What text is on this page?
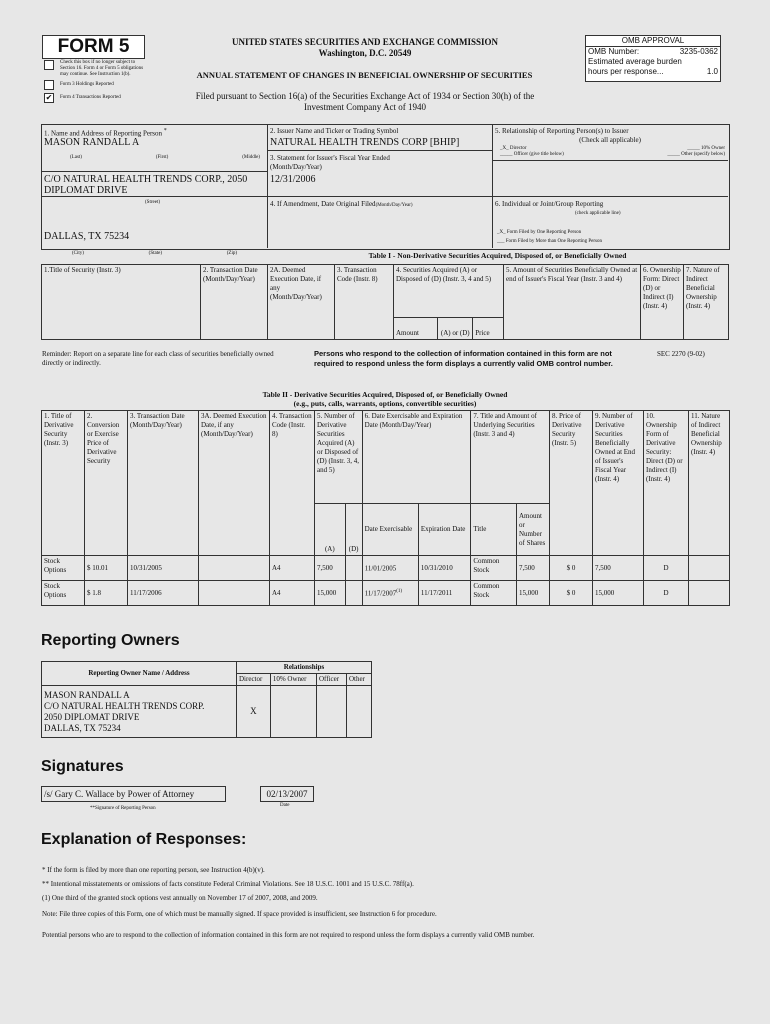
FORM 5
Check this box if no longer subject to Section 16. Form 4 or Form 5 obligations may continue. See Instruction 1(b).
Form 3 Holdings Reported
✔	Form 4 Transactions Reported
UNITED STATES SECURITIES AND EXCHANGE COMMISSION
Washington, D.C. 20549
ANNUAL STATEMENT OF CHANGES IN BENEFICIAL OWNERSHIP OF SECURITIES
Filed pursuant to Section 16(a) of the Securities Exchange Act of 1934 or Section 30(h) of the
Investment Company Act of 1940
OMB APPROVAL
OMB Number:	3235-0362
Estimated average burden
hours per response...	1.0
1. Name and Address of Reporting Person *
MASON RANDALL A
(Last)	(First)	(Middle)
C/O NATURAL HEALTH TRENDS CORP., 2050
DIPLOMAT DRIVE
(Street)
DALLAS, TX 75234
(City)	(State)	(Zip)
2. Issuer Name and Ticker or Trading Symbol
NATURAL HEALTH TRENDS CORP [BHIP]
3. Statement for Issuer's Fiscal Year Ended
(Month/Day/Year)
12/31/2006
4. If Amendment, Date Original Filed(Month/Day/Year)
5. Relationship of Reporting Person(s) to Issuer
(Check all applicable)
_X_ Director	_____ 10% Owner
_____ Officer (give title below)	_____ Other (specify below)
6. Individual or Joint/Group Reporting
(check applicable line)
_X_ Form Filed by One Reporting Person
___ Form Filed by More than One Reporting Person
Table I - Non-Derivative Securities Acquired, Disposed of, or Beneficially Owned
1.Title of Security (Instr. 3)	2. Transaction Date (Month/Day/Year)	2A. Deemed Execution Date, if any (Month/Day/Year)	3. Transaction Code (Instr. 8)	4. Securities Acquired (A) or Disposed of (D) (Instr. 3, 4 and 5)			5. Amount of Securities Beneficially Owned at end of Issuer's Fiscal Year (Instr. 3 and 4)	6. Ownership Form: Direct (D) or Indirect (I) (Instr. 4)	7. Nature of Indirect Beneficial Ownership (Instr. 4)
				Amount	(A) or (D)	Price			
Reminder: Report on a separate line for each class of securities beneficially owned directly or indirectly.
Persons who respond to the collection of information contained in this form are not required to respond unless the form displays a currently valid OMB control number.
SEC 2270 (9-02)
Table II - Derivative Securities Acquired, Disposed of, or Beneficially Owned
(e.g., puts, calls, warrants, options, convertible securities)
1. Title of Derivative Security (Instr. 3)	2. Conversion or Exercise Price of Derivative Security	3. Transaction Date (Month/Day/Year)	3A. Deemed Execution Date, if any (Month/Day/Year)	4. Transaction Code (Instr. 8)	5. Number of Derivative Securities Acquired (A) or Disposed of (D) (Instr. 3, 4, and 5)		6. Date Exercisable and Expiration Date (Month/Day/Year)		7. Title and Amount of Underlying Securities (Instr. 3 and 4)		8. Price of Derivative Security (Instr. 5)	9. Number of Derivative Securities Beneficially Owned at End of Issuer's Fiscal Year (Instr. 4)	10. Ownership Form of Derivative Security: Direct (D) or Indirect (I) (Instr. 4)	11. Nature of Indirect Beneficial Ownership (Instr. 4)
					(A)	(D)	Date Exercisable	Expiration Date	Title	Amount or Number of Shares				
Stock Options	$ 10.01	10/31/2005		A4	7,500		11/01/2005	10/31/2010	Common Stock	7,500	$ 0	7,500	D	
Stock Options	$ 1.8	11/17/2006		A4	15,000		11/17/2007$^{(1)}$	11/17/2011	Common Stock	15,000	$ 0	15,000	D	
Reporting Owners
Reporting Owner Name / Address	Relationships			
	Director	10% Owner	Officer	Other

MASON RANDALL A
C/O NATURAL HEALTH TRENDS CORP.
2050 DIPLOMAT DRIVE
DALLAS, TX 75234	X			
Signatures
/s/ Gary C. Wallace by Power of Attorney	02/13/2007
**Signature of Reporting Person
Date
Explanation of Responses:
* If the form is filed by more than one reporting person, see Instruction 4(b)(v).
** Intentional misstatements or omissions of facts constitute Federal Criminal Violations. See 18 U.S.C. 1001 and 15 U.S.C. 78ff(a).
(1) One third of the granted stock options vest annually on November 17 of 2007, 2008, and 2009.
Note: File three copies of this Form, one of which must be manually signed. If space provided is insufficient, see Instruction 6 for procedure.
Potential persons who are to respond to the collection of information contained in this form are not required to respond unless the form displays a currently valid OMB number.
